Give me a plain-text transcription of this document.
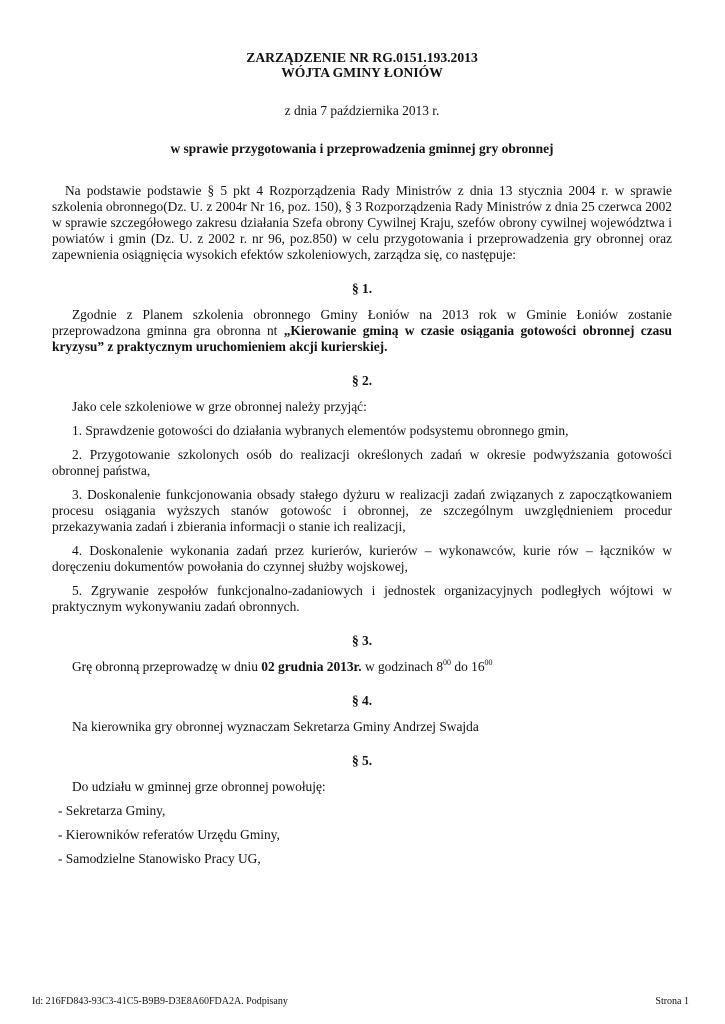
ZARZĄDZENIE NR RG.0151.193.2013
WÓJTA GMINY ŁONIÓW
z dnia 7 października 2013 r.
w sprawie przygotowania i przeprowadzenia gminnej gry obronnej

Na podstawie podstawie § 5 pkt 4 Rozporządzenia Rady Ministrów z dnia 13 stycznia 2004 r. w sprawie szkolenia obronnego(Dz. U. z 2004r Nr 16, poz. 150), § 3 Rozporządzenia Rady Ministrów z dnia 25 czerwca 2002 w sprawie szczegółowego zakresu działania Szefa obrony Cywilnej Kraju, szefów obrony cywilnej województwa i powiatów i gmin (Dz. U. z 2002 r. nr 96, poz.850) w celu przygotowania i przeprowadzenia gry obronnej oraz zapewnienia osiągnięcia wysokich efektów szkoleniowych, zarządza się, co następuje:

§ 1.

Zgodnie z Planem szkolenia obronnego Gminy Łoniów na 2013 rok w Gminie Łoniów zostanie przeprowadzona gminna gra obronna nt „Kierowanie gminą w czasie osiągania gotowości obronnej czasu kryzysu” z praktycznym uruchomieniem akcji kurierskiej.

§ 2.

Jako cele szkoleniowe w grze obronnej należy przyjąć:

1. Sprawdzenie gotowości do działania wybranych elementów podsystemu obronnego gmin,

2. Przygotowanie szkolonych osób do realizacji określonych zadań w okresie podwyższania gotowości obronnej państwa,

3. Doskonalenie funkcjonowania obsady stałego dyżuru w realizacji zadań związanych z zapoczątkowaniem procesu osiągania wyższych stanów gotowośc i obronnej, ze szczególnym uwzględnieniem procedur przekazywania zadań i zbierania informacji o stanie ich realizacji,

4. Doskonalenie wykonania zadań przez kurierów, kurierów – wykonawców, kurie rów – łączników w doręczeniu dokumentów powołania do czynnej służby wojskowej,

5. Zgrywanie zespołów funkcjonalno-zadaniowych i jednostek organizacyjnych podległych wójtowi w praktycznym wykonywaniu zadań obronnych.

§ 3.

Grę obronną przeprowadzę w dniu 02 grudnia 2013r. w godzinach $8^{00}$ do $16^{00}$

§ 4.

Na kierownika gry obronnej wyznaczam Sekretarza Gminy Andrzej Swajda

§ 5.

Do udziału w gminnej grze obronnej powołuję:

- Sekretarza Gminy,

- Kierowników referatów Urzędu Gminy,

- Samodzielne Stanowisko Pracy UG,

Id: 216FD843-93C3-41C5-B9B9-D3E8A60FDA2A. Podpisany	Strona 1
